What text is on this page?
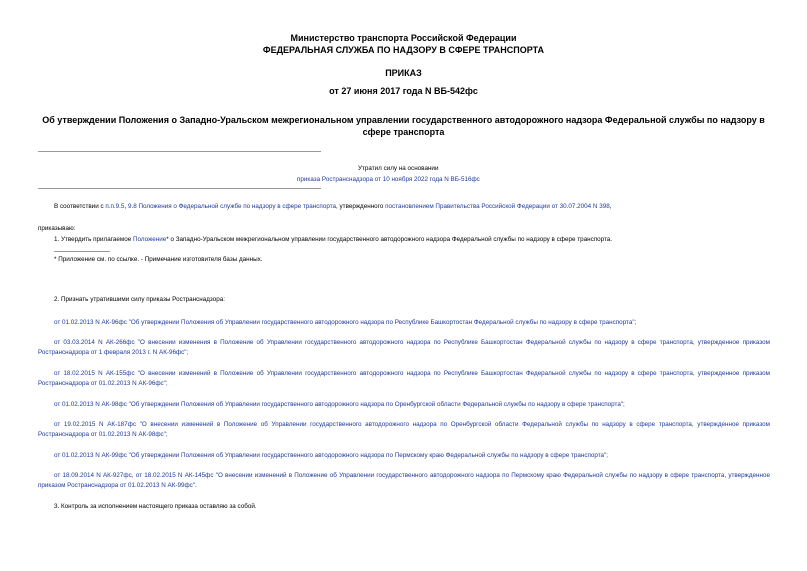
Министерство транспорта Российской Федерации
ФЕДЕРАЛЬНАЯ СЛУЖБА ПО НАДЗОРУ В СФЕРЕ ТРАНСПОРТА
ПРИКАЗ
от 27 июня 2017 года N ВБ-542фс
Об утверждении Положения о Западно-Уральском межрегиональном управлении государственного автодорожного надзора Федеральной службы по надзору в
сфере транспорта
Утратил силу на основании
приказа Ространснадзора от 10 ноября 2022 года N ВБ-516фс
В соответствии с п.п.9.5, 9.8 Положения о Федеральной службе по надзору в сфере транспорта, утвержденного постановлением Правительства Российской Федерации от 30.07.2004 N 398,
приказываю:
1. Утвердить прилагаемое Положение* о Западно-Уральском межрегиональном управлении государственного автодорожного надзора Федеральной службы по надзору в сфере транспорта.
* Приложение см. по ссылке. - Примечание изготовителя базы данных.
2. Признать утратившими силу приказы Ространснадзора:
от 01.02.2013 N АК-96фс "Об утверждении Положения об Управлении государственного автодорожного надзора по Республике Башкортостан Федеральной службы по надзору в сфере транспорта";
от 03.03.2014 N АК-266фс "О внесении изменения в Положение об Управлении государственного автодорожного надзора по Республике Башкортостан Федеральной службы по надзору в сфере транспорта, утвержденное приказом Ространснадзора от 1 февраля 2013 г. N АК-96фс";
от 18.02.2015 N АК-155фс "О внесении изменений в Положение об Управлении государственного автодорожного надзора по Республике Башкортостан Федеральной службы по надзору в сфере транспорта, утвержденное приказом Ространснадзора от 01.02.2013 N АК-96фс";
от 01.02.2013 N АК-98фс "Об утверждении Положения об Управлении государственного автодорожного надзора по Оренбургской области Федеральной службы по надзору в сфере транспорта";
от 19.02.2015 N АК-187фс "О внесении изменений в Положение об Управлении государственного автодорожного надзора по Оренбургской области Федеральной службы по надзору в сфере транспорта, утвержденное приказом Ространснадзора от 01.02.2013 N АК-98фс";
от 01.02.2013 N АК-99фс "Об утверждении Положения об Управлении государственного автодорожного надзора по Пермскому краю Федеральной службы по надзору в сфере транспорта";
от 18.09.2014 N АК-927фс, от 18.02.2015 N АК-145фс "О внесении изменений в Положение об Управлении государственного автодорожного надзора по Пермскому краю Федеральной службы по надзору в сфере транспорта, утвержденное приказом Ространснадзора от 01.02.2013 N АК-99фс".
3. Контроль за исполнением настоящего приказа оставляю за собой.
